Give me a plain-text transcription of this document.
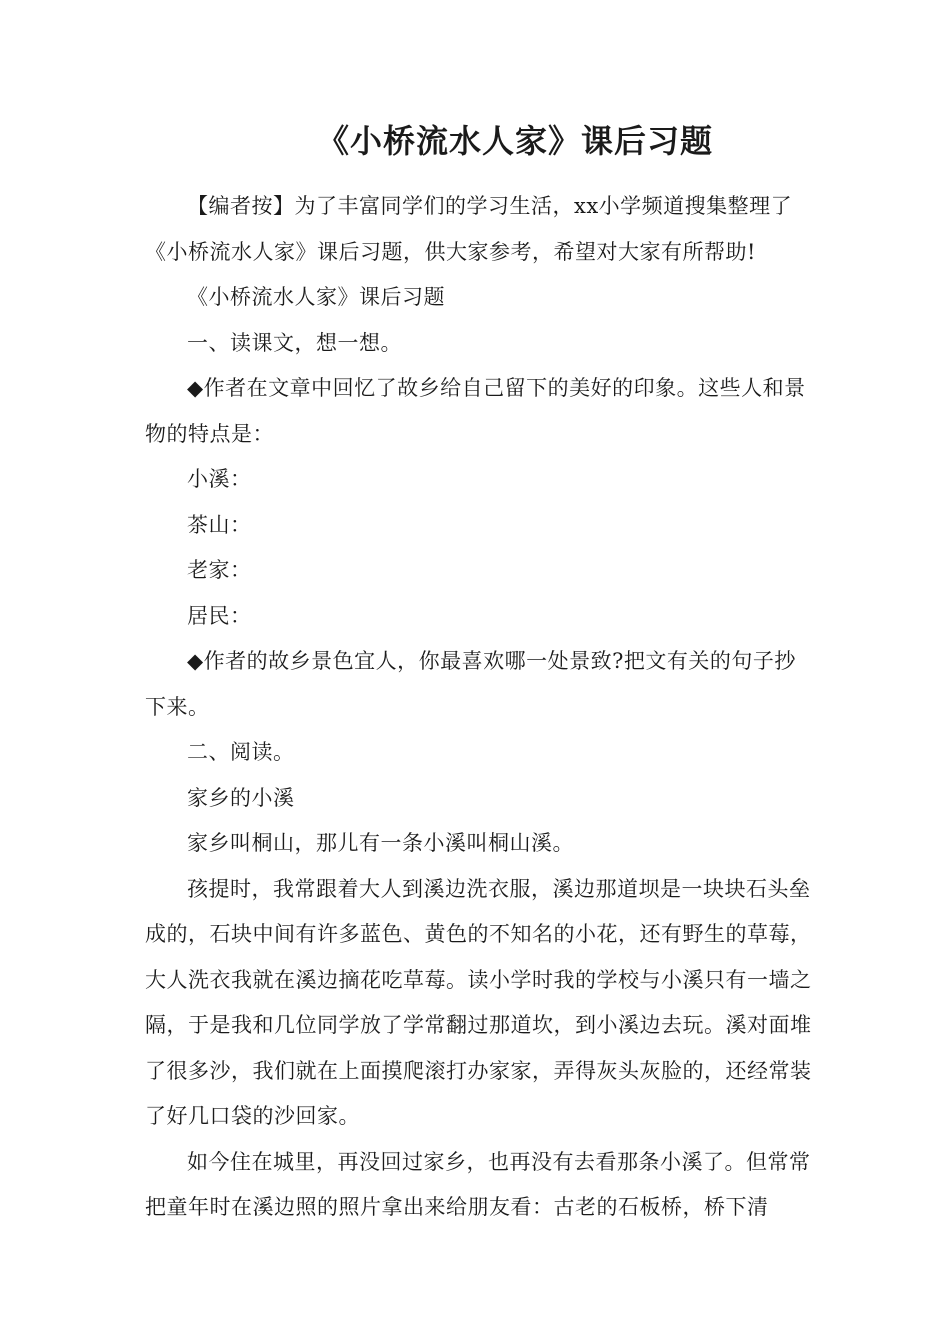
《小桥流水人家》课后习题

【编者按】为了丰富同学们的学习生活，xx小学频道搜集整理了《小桥流水人家》课后习题，供大家参考，希望对大家有所帮助!

《小桥流水人家》课后习题

一、读课文，想一想。

◆作者在文章中回忆了故乡给自己留下的美好的印象。这些人和景物的特点是：

小溪：

茶山：

老家：

居民：

◆作者的故乡景色宜人，你最喜欢哪一处景致?把文有关的句子抄下来。

二、阅读。

家乡的小溪

家乡叫桐山，那儿有一条小溪叫桐山溪。

孩提时，我常跟着大人到溪边洗衣服，溪边那道坝是一块块石头垒成的，石块中间有许多蓝色、黄色的不知名的小花，还有野生的草莓，大人洗衣我就在溪边摘花吃草莓。读小学时我的学校与小溪只有一墙之隔，于是我和几位同学放了学常翻过那道坎，到小溪边去玩。溪对面堆了很多沙，我们就在上面摸爬滚打办家家，弄得灰头灰脸的，还经常装了好几口袋的沙回家。

如今住在城里，再没回过家乡，也再没有去看那条小溪了。但常常把童年时在溪边照的照片拿出来给朋友看：古老的石板桥，桥下清
